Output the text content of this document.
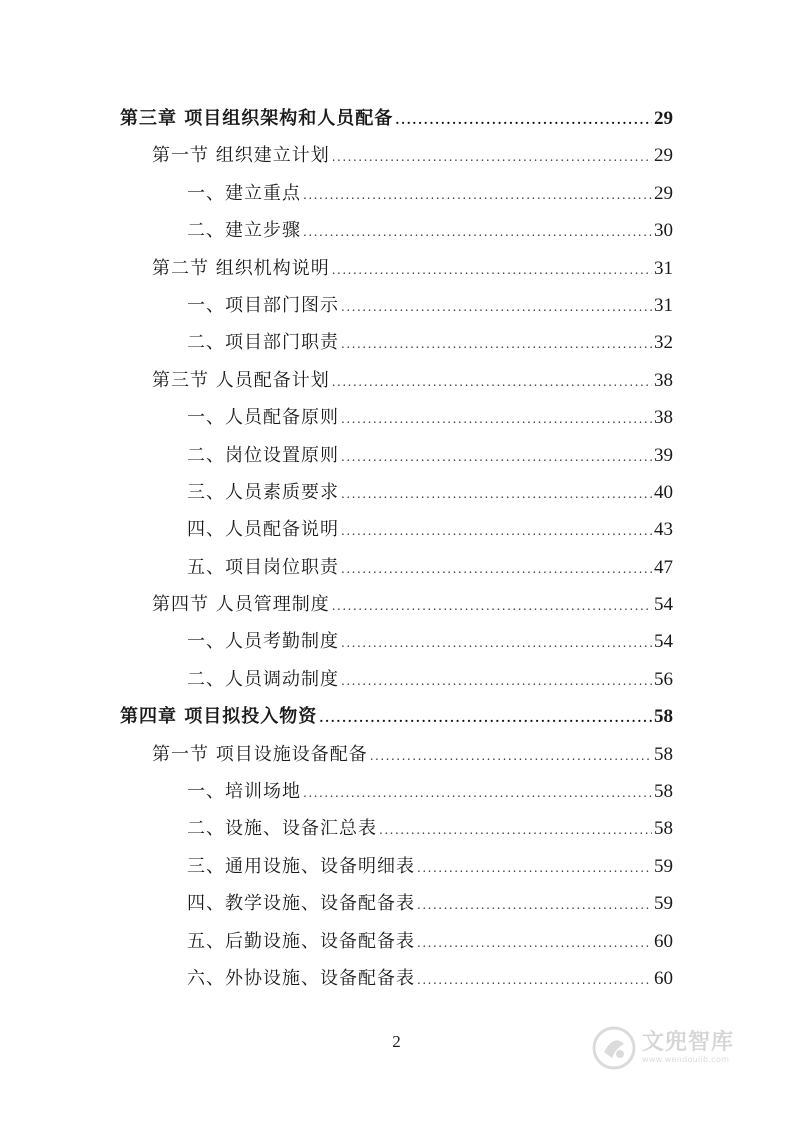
第三章 项目组织架构和人员配备 .....	29
第一节 组织建立计划 .....	29
一、建立重点 .....	29
二、建立步骤 .....	30
第二节 组织机构说明 .....	31
一、项目部门图示 .....	31
二、项目部门职责 .....	32
第三节 人员配备计划 .....	38
一、人员配备原则 .....	38
二、岗位设置原则 .....	39
三、人员素质要求 .....	40
四、人员配备说明 .....	43
五、项目岗位职责 .....	47
第四节 人员管理制度 .....	54
一、人员考勤制度 .....	54
二、人员调动制度 .....	56
第四章 项目拟投入物资 .....	58
第一节 项目设施设备配备 .....	58
一、培训场地 .....	58
二、设施、设备汇总表 .....	58
三、通用设施、设备明细表 .....	59
四、教学设施、设备配备表 .....	59
五、后勤设施、设备配备表 .....	60
六、外协设施、设备配备表 .....	60
2	文兜智库
www.wendoulib.com
